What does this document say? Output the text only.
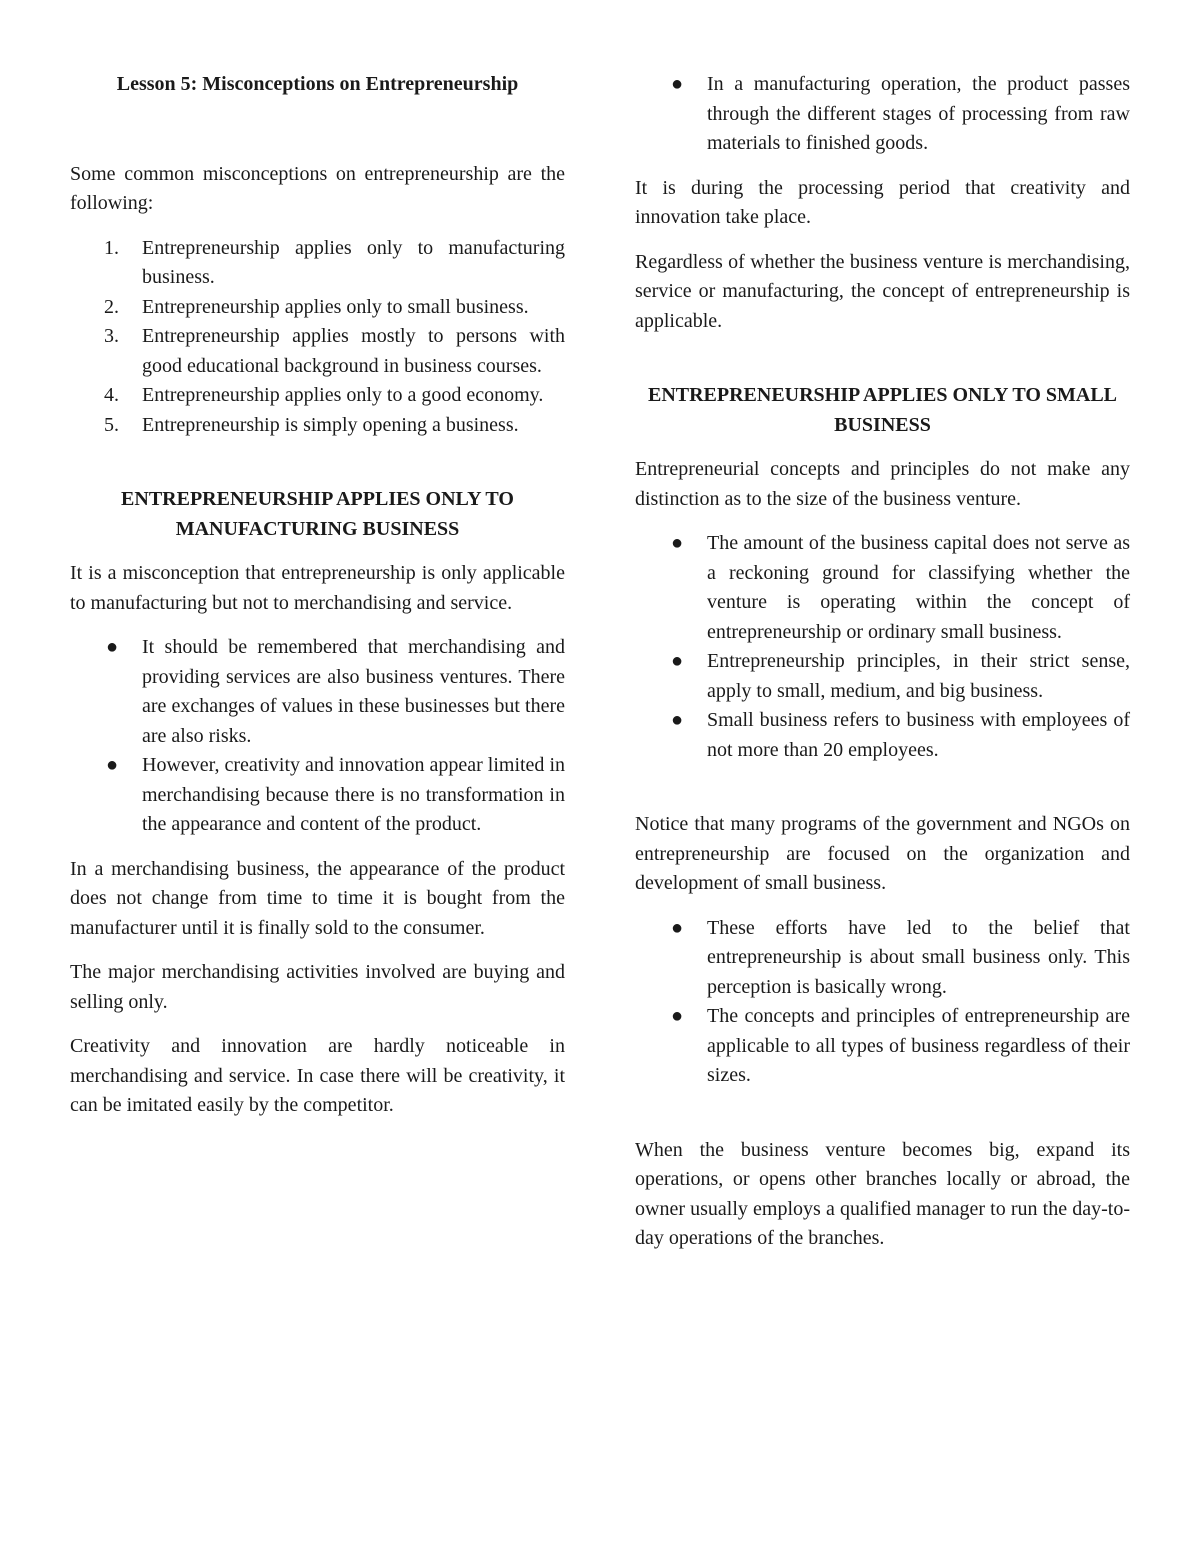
Lesson 5: Misconceptions on Entrepreneurship

Some common misconceptions on entrepreneurship are the following:

1. Entrepreneurship applies only to manufacturing business.
2. Entrepreneurship applies only to small business.
3. Entrepreneurship applies mostly to persons with good educational background in business courses.
4. Entrepreneurship applies only to a good economy.
5. Entrepreneurship is simply opening a business.
ENTREPRENEURSHIP APPLIES ONLY TO MANUFACTURING BUSINESS

It is a misconception that entrepreneurship is only applicable to manufacturing but not to merchandising and service.

● It should be remembered that merchandising and providing services are also business ventures. There are exchanges of values in these businesses but there are also risks.
● However, creativity and innovation appear limited in merchandising because there is no transformation in the appearance and content of the product.

In a merchandising business, the appearance of the product does not change from time to time it is bought from the manufacturer until it is finally sold to the consumer.

The major merchandising activities involved are buying and selling only.

Creativity and innovation are hardly noticeable in merchandising and service. In case there will be creativity, it can be imitated easily by the competitor.

● In a manufacturing operation, the product passes through the different stages of processing from raw materials to finished goods.

It is during the processing period that creativity and innovation take place.

Regardless of whether the business venture is merchandising, service or manufacturing, the concept of entrepreneurship is applicable.

ENTREPRENEURSHIP APPLIES ONLY TO SMALL BUSINESS

Entrepreneurial concepts and principles do not make any distinction as to the size of the business venture.

● The amount of the business capital does not serve as a reckoning ground for classifying whether the venture is operating within the concept of entrepreneurship or ordinary small business.
● Entrepreneurship principles, in their strict sense, apply to small, medium, and big business.
● Small business refers to business with employees of not more than 20 employees.

Notice that many programs of the government and NGOs on entrepreneurship are focused on the organization and development of small business.

● These efforts have led to the belief that entrepreneurship is about small business only. This perception is basically wrong.
● The concepts and principles of entrepreneurship are applicable to all types of business regardless of their sizes.

When the business venture becomes big, expand its operations, or opens other branches locally or abroad, the owner usually employs a qualified manager to run the day-to-day operations of the branches.
